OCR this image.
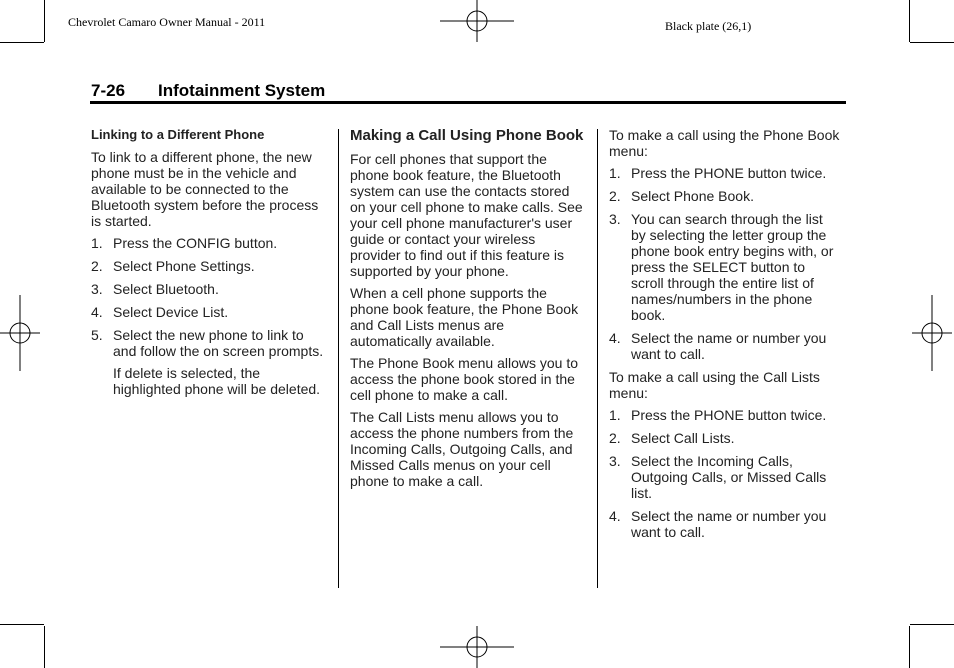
Chevrolet Camaro Owner Manual - 2011	Black plate (26,1)
7-26 Infotainment System
Linking to a Different Phone

To link to a different phone, the new phone must be in the vehicle and available to be connected to the Bluetooth system before the process is started.

1. Press the CONFIG button.
2. Select Phone Settings.
3. Select Bluetooth.
4. Select Device List.
5. Select the new phone to link to and follow the on screen prompts.

If delete is selected, the highlighted phone will be deleted.

Making a Call Using Phone Book

For cell phones that support the phone book feature, the Bluetooth system can use the contacts stored on your cell phone to make calls. See your cell phone manufacturer's user guide or contact your wireless provider to find out if this feature is supported by your phone.

When a cell phone supports the phone book feature, the Phone Book and Call Lists menus are automatically available.

The Phone Book menu allows you to access the phone book stored in the cell phone to make a call.

The Call Lists menu allows you to access the phone numbers from the Incoming Calls, Outgoing Calls, and Missed Calls menus on your cell phone to make a call.

To make a call using the Phone Book menu:

1. Press the PHONE button twice.
2. Select Phone Book.
3. You can search through the list by selecting the letter group the phone book entry begins with, or press the SELECT button to scroll through the entire list of names/numbers in the phone book.
4. Select the name or number you want to call.

To make a call using the Call Lists menu:

1. Press the PHONE button twice.
2. Select Call Lists.
3. Select the Incoming Calls, Outgoing Calls, or Missed Calls list.
4. Select the name or number you want to call.
